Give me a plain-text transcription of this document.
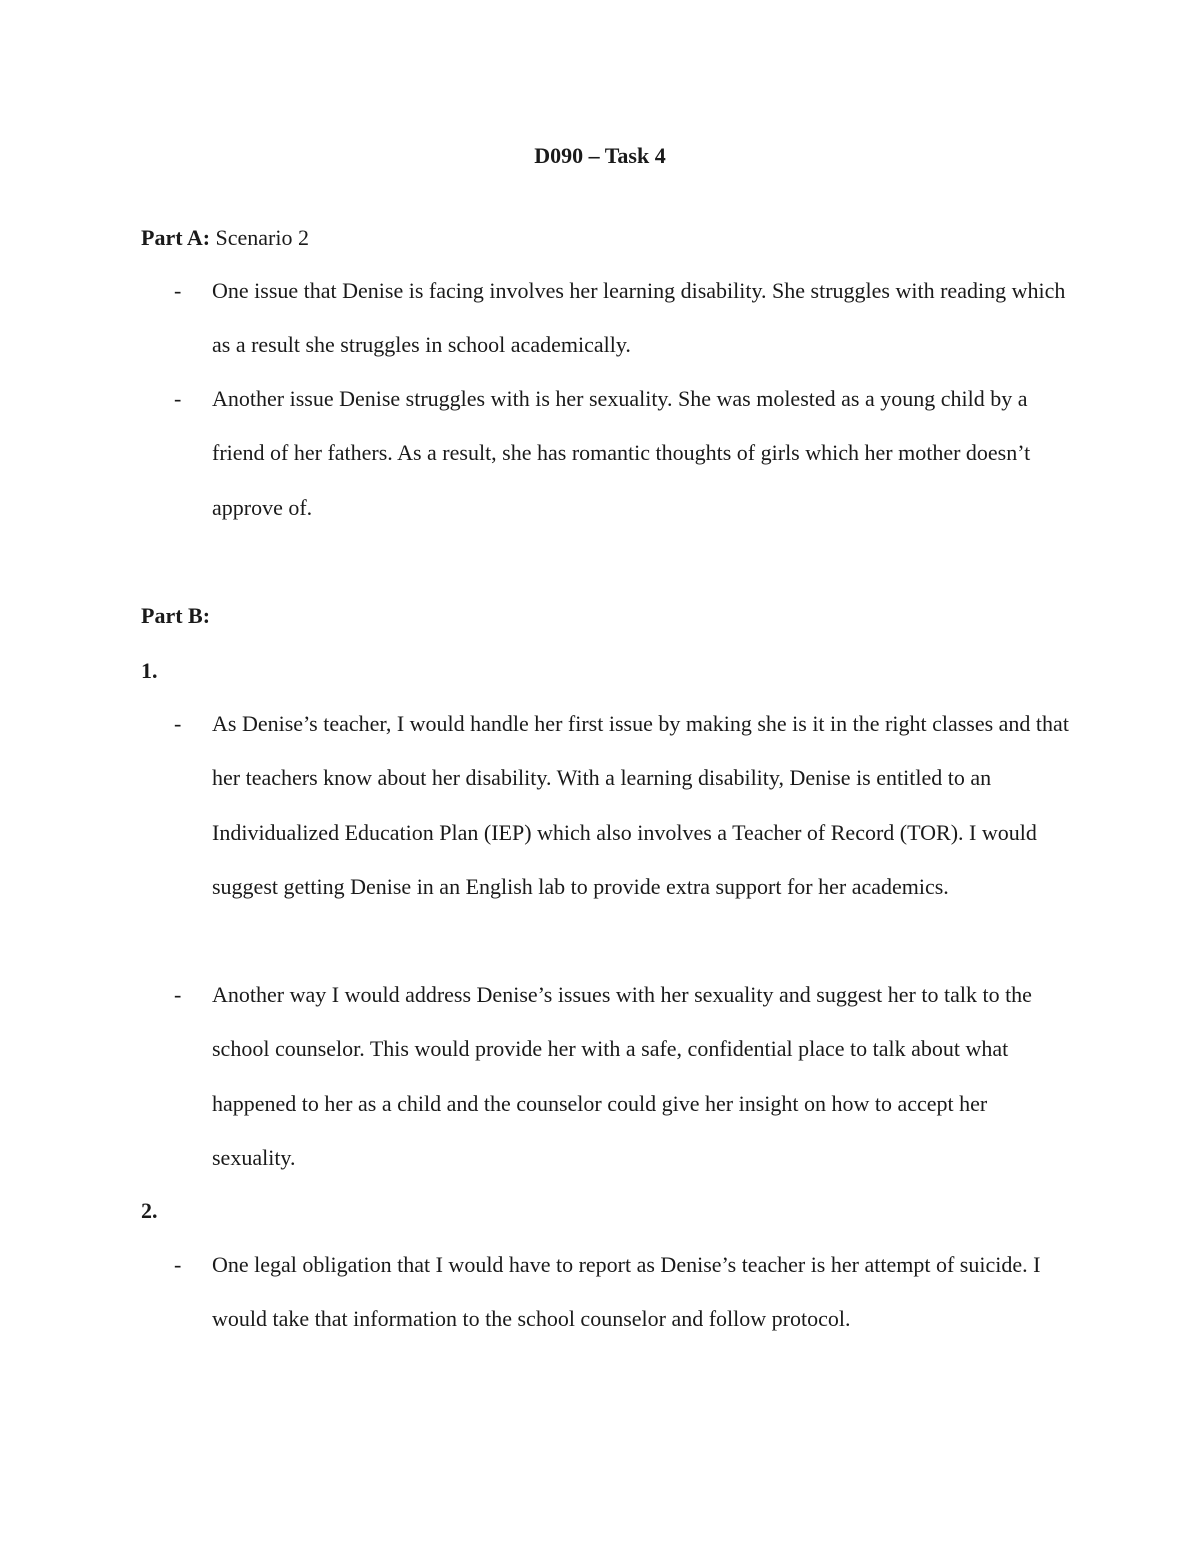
D090 – Task 4
Part A: Scenario 2
-	One issue that Denise is facing involves her learning disability. She struggles with reading which as a result she struggles in school academically.
-	Another issue Denise struggles with is her sexuality. She was molested as a young child by a friend of her fathers. As a result, she has romantic thoughts of girls which her mother doesn’t approve of.
Part B:
1.
-	As Denise’s teacher, I would handle her first issue by making she is it in the right classes and that her teachers know about her disability. With a learning disability, Denise is entitled to an Individualized Education Plan (IEP) which also involves a Teacher of Record (TOR). I would suggest getting Denise in an English lab to provide extra support for her academics.
-	Another way I would address Denise’s issues with her sexuality and suggest her to talk to the school counselor. This would provide her with a safe, confidential place to talk about what happened to her as a child and the counselor could give her insight on how to accept her sexuality.
2.
-	One legal obligation that I would have to report as Denise’s teacher is her attempt of suicide. I would take that information to the school counselor and follow protocol.
